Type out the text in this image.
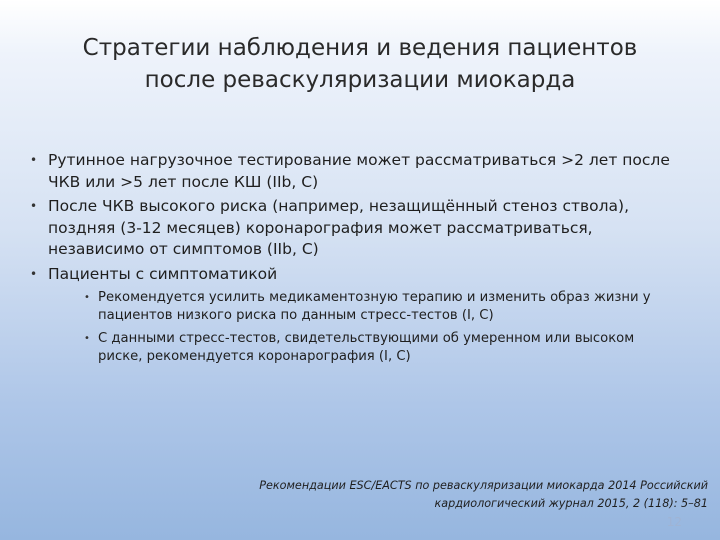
Стратегии наблюдения и ведения пациентов
после реваскуляризации миокарда
• Рутинное нагрузочное тестирование может рассматриваться >2 лет после ЧКВ или >5 лет после КШ (IIb, C)
• После ЧКВ высокого риска (например, незащищённый стеноз ствола), поздняя (3-12 месяцев) коронарография может рассматриваться, независимо от симптомов (IIb, C)
• Пациенты с симптоматикой
• Рекомендуется усилить медикаментозную терапию и изменить образ жизни у пациентов низкого риска по данным стресс-тестов (I, C)
• С данными стресс-тестов, свидетельствующими об умеренном или высоком риске, рекомендуется коронарография (I, C)
Рекомендации ESC/EACTS по реваскуляризации миокарда 2014 Российский
кардиологический журнал 2015, 2 (118): 5–81
12
